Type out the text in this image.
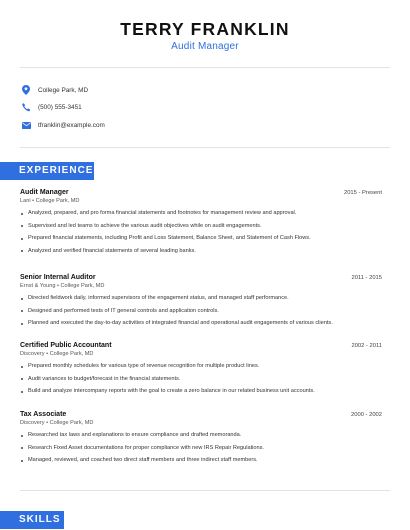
TERRY FRANKLIN
Audit Manager
College Park, MD
(500) 555-3451
tfranklin@example.com
EXPERIENCE
Audit Manager	2015 - Present
Lani • College Park, MD
Analyzed, prepared, and pro forma financial statements and footnotes for management review and approval.
Supervised and led teams to achieve the various audit objectives while on audit engagements.
Prepared financial statements, including Profit and Loss Statement, Balance Sheet, and Statement of Cash Flows.
Analyzed and verified financial statements of several leading banks.
Senior Internal Auditor	2011 - 2015
Ernst & Young • College Park, MD
Directed fieldwork daily, informed supervisors of the engagement status, and managed staff performance.
Designed and performed tests of IT general controls and application controls.
Planned and executed the day-to-day activities of integrated financial and operational audit engagements of various clients.
Certified Public Accountant	2002 - 2011
Discovery • College Park, MD
Prepared monthly schedules for various type of revenue recognition for multiple product lines.
Audit variances to budget/forecast in the financial statements.
Build and analyze intercompany reports with the goal to create a zero balance in our related business unit accounts.
Tax Associate	2000 - 2002
Discovery • College Park, MD
Researched tax laws and explanations to ensure compliance and drafted memoranda.
Research Fixed Asset documentations for proper compliance with new IRS Repair Regulations.
Managed, reviewed, and coached two direct staff members and three indirect staff members.
SKILLS
